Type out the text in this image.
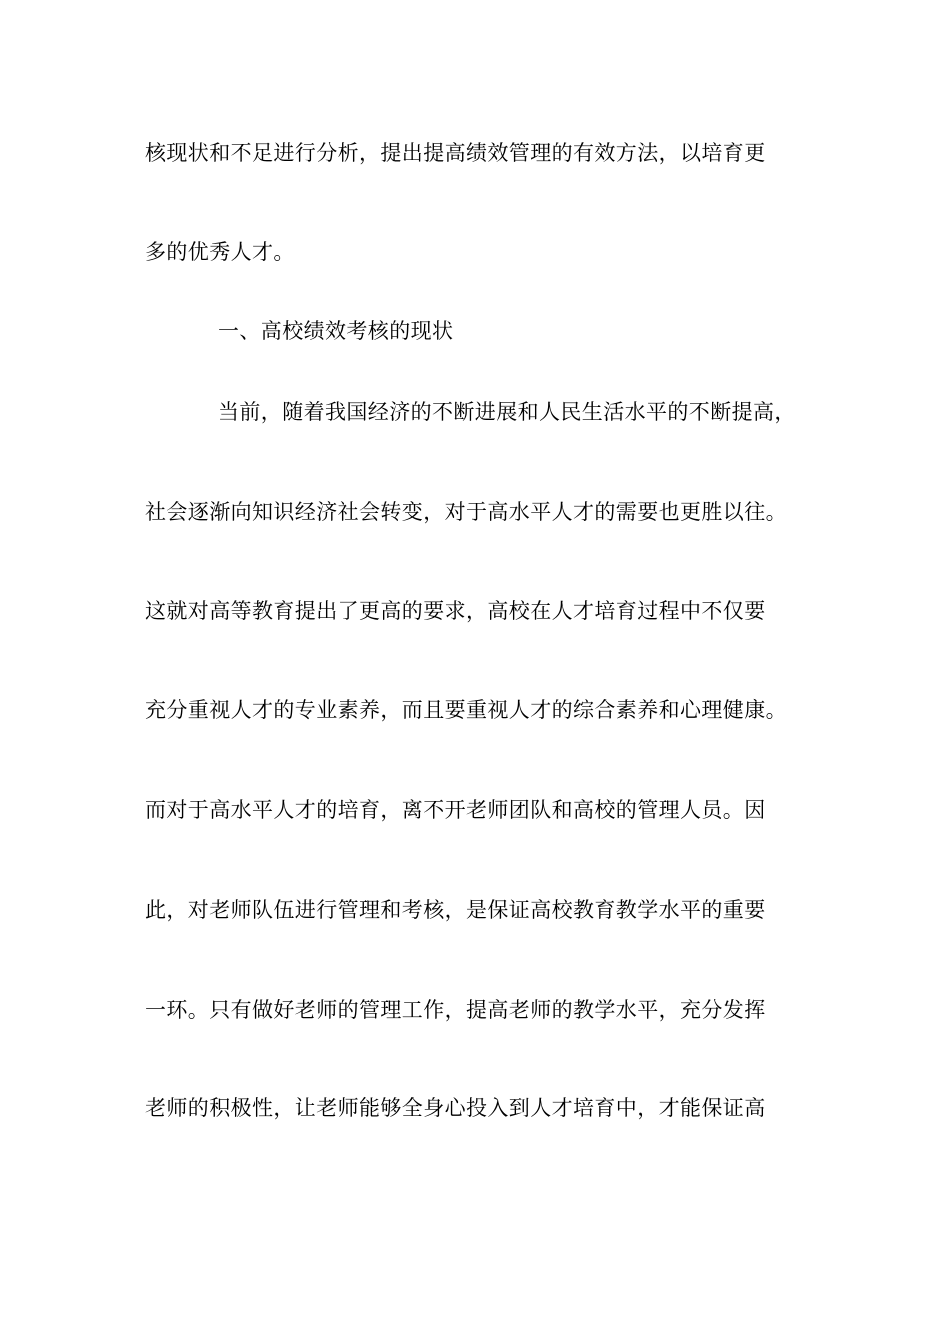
核现状和不足进行分析，提出提高绩效管理的有效方法，以培育更
多的优秀人才。
一、高校绩效考核的现状
当前，随着我国经济的不断进展和人民生活水平的不断提高，
社会逐渐向知识经济社会转变，对于高水平人才的需要也更胜以往。
这就对高等教育提出了更高的要求，高校在人才培育过程中不仅要
充分重视人才的专业素养，而且要重视人才的综合素养和心理健康。
而对于高水平人才的培育，离不开老师团队和高校的管理人员。因
此，对老师队伍进行管理和考核，是保证高校教育教学水平的重要
一环。只有做好老师的管理工作，提高老师的教学水平，充分发挥
老师的积极性，让老师能够全身心投入到人才培育中，才能保证高
